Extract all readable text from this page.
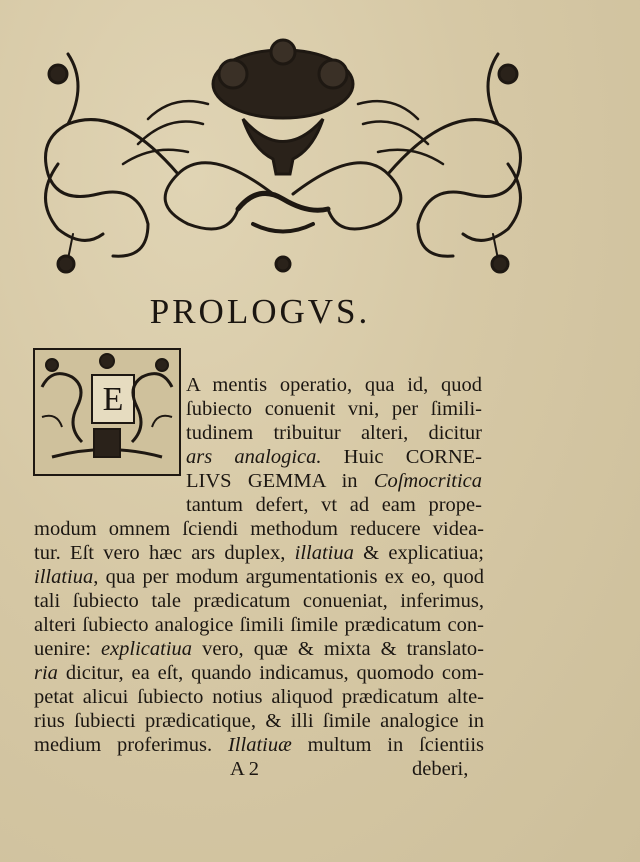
PROLOGVS.
E	A mentis operatio, qua id, quod
ſubiecto conuenit vni, per ſimili-
tudinem tribuitur alteri, dicitur
ars analogica. Huic CORNE-
LIVS GEMMA in Coſmocritica
tantum defert, vt ad eam prope-
modum omnem ſciendi methodum reducere videa-
tur. Eſt vero hæc ars duplex, illatiua & explicatiua;
illatiua, qua per modum argumentationis ex eo, quod
tali ſubiecto tale prædicatum conueniat, inferimus,
alteri ſubiecto analogice ſimili ſimile prædicatum con-
uenire: explicatiua vero, quæ & mixta & translato-
ria dicitur, ea eſt, quando indicamus, quomodo com-
petat alicui ſubiecto notius aliquod prædicatum alte-
rius ſubiecti prædicatique, & illi ſimile analogice in
medium proferimus. Illatiuæ multum in ſcientiis
A 2	deberi,
